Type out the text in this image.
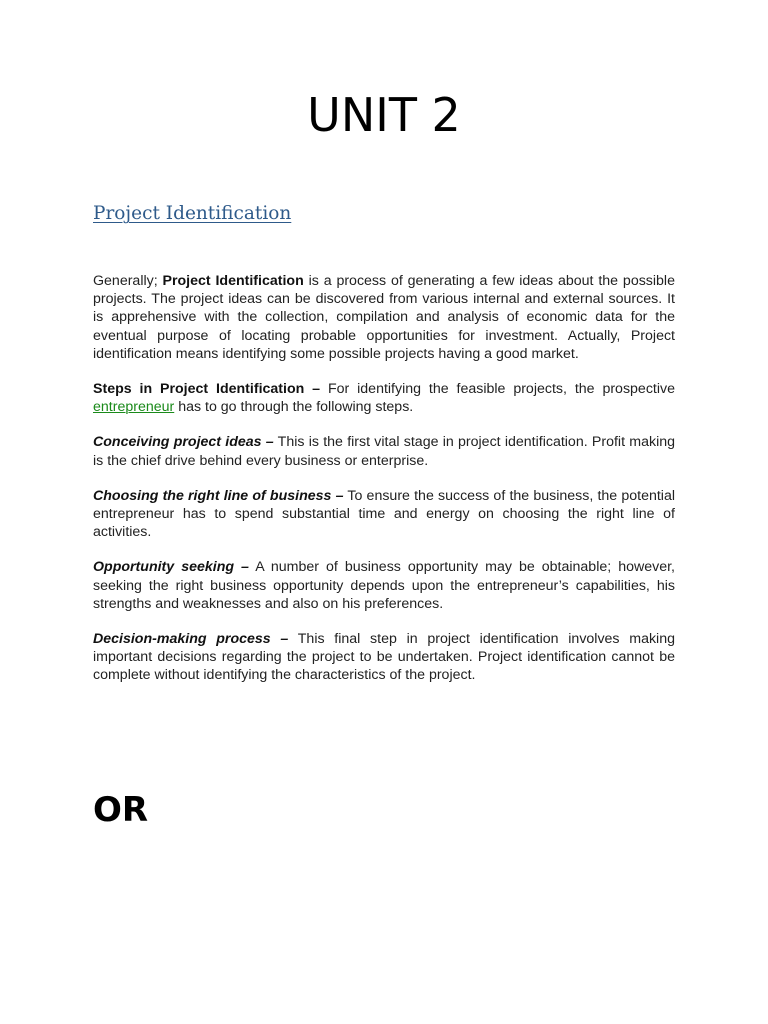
UNIT 2
Project Identification

Generally; Project Identification is a process of generating a few ideas about the possible projects. The project ideas can be discovered from various internal and external sources. It is apprehensive with the collection, compilation and analysis of economic data for the eventual purpose of locating probable opportunities for investment. Actually, Project identification means identifying some possible projects having a good market.

Steps in Project Identification – For identifying the feasible projects, the prospective entrepreneur has to go through the following steps.

Conceiving project ideas – This is the first vital stage in project identification. Profit making is the chief drive behind every business or enterprise.

Choosing the right line of business – To ensure the success of the business, the potential entrepreneur has to spend substantial time and energy on choosing the right line of activities.

Opportunity seeking – A number of business opportunity may be obtainable; however, seeking the right business opportunity depends upon the entrepreneur’s capabilities, his strengths and weaknesses and also on his preferences.

Decision-making process – This final step in project identification involves making important decisions regarding the project to be undertaken. Project identification cannot be complete without identifying the characteristics of the project.

OR
